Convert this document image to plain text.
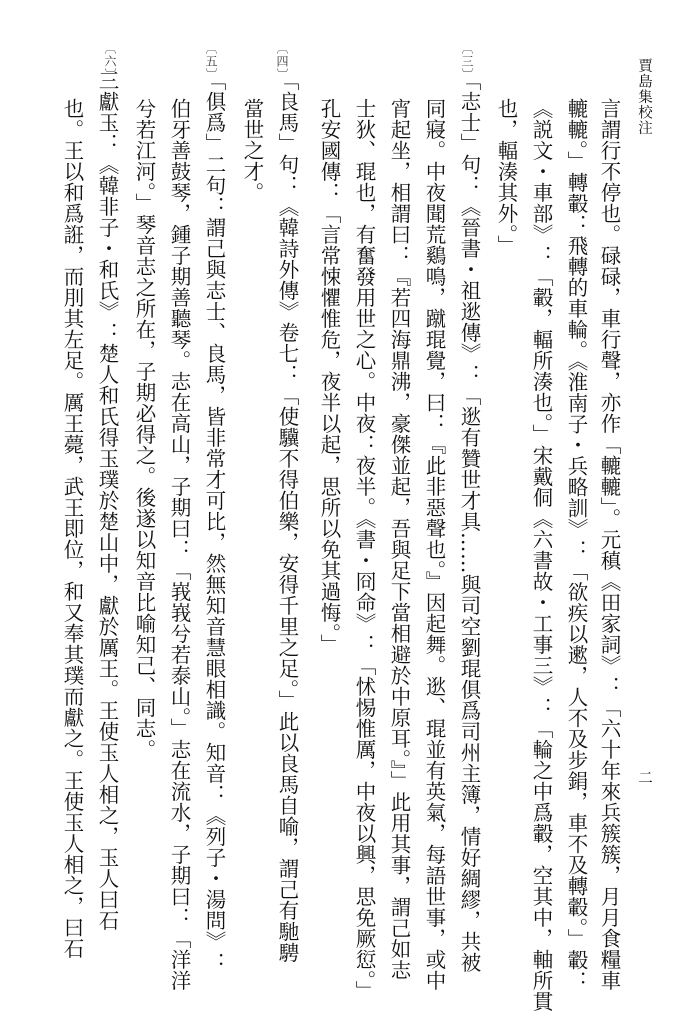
賈島集校注
二
〔三〕
〔四〕
〔五〕
〔六〕
言謂行不停也。碌碌，車行聲，亦作「轆轆」。元稹《田家詞》：「六十年來兵簇簇，月月食糧車
轆轆。」轉轂：飛轉的車輪。《淮南子・兵略訓》：「欲疾以遬，人不及步鋗，車不及轉轂。」轂：
《説文・車部》：「轂，輻所湊也。」宋戴侗《六書故・工事三》：「輪之中爲轂，空其中，軸所貫
也，輻湊其外。」
「志士」句：《晉書・祖逖傳》：「逖有贊世才具……與司空劉琨俱爲司州主簿，情好綢繆，共被
同寢。中夜聞荒鷄鳴，蹴琨覺，曰：『此非惡聲也。』因起舞。逖、琨並有英氣，每語世事，或中
宵起坐，相謂曰：『若四海鼎沸，豪傑並起，吾與足下當相避於中原耳。』」此用其事，謂己如志
士狄、琨也，有奮發用世之心。中夜：夜半。《書・冏命》：「怵惕惟厲，中夜以興，思免厥愆。」
孔安國傳：「言常悚懼惟危，夜半以起，思所以免其過悔。」
「良馬」句：《韓詩外傳》卷七：「使驥不得伯樂，安得千里之足。」此以良馬自喻，謂己有馳騁
當世之才。
「俱爲」二句：謂己與志士、良馬，皆非常才可比，然無知音慧眼相識。知音：《列子・湯問》：
伯牙善鼓琴，鍾子期善聽琴。志在高山，子期曰：「峩峩兮若泰山。」志在流水，子期曰：「洋洋
兮若江河。」琴音志之所在，子期必得之。後遂以知音比喻知己、同志。
三獻玉：《韓非子・和氏》：楚人和氏得玉璞於楚山中，獻於厲王。王使玉人相之，玉人曰石
也。王以和爲誑，而刖其左足。厲王薨，武王即位，和又奉其璞而獻之。王使玉人相之，曰石
